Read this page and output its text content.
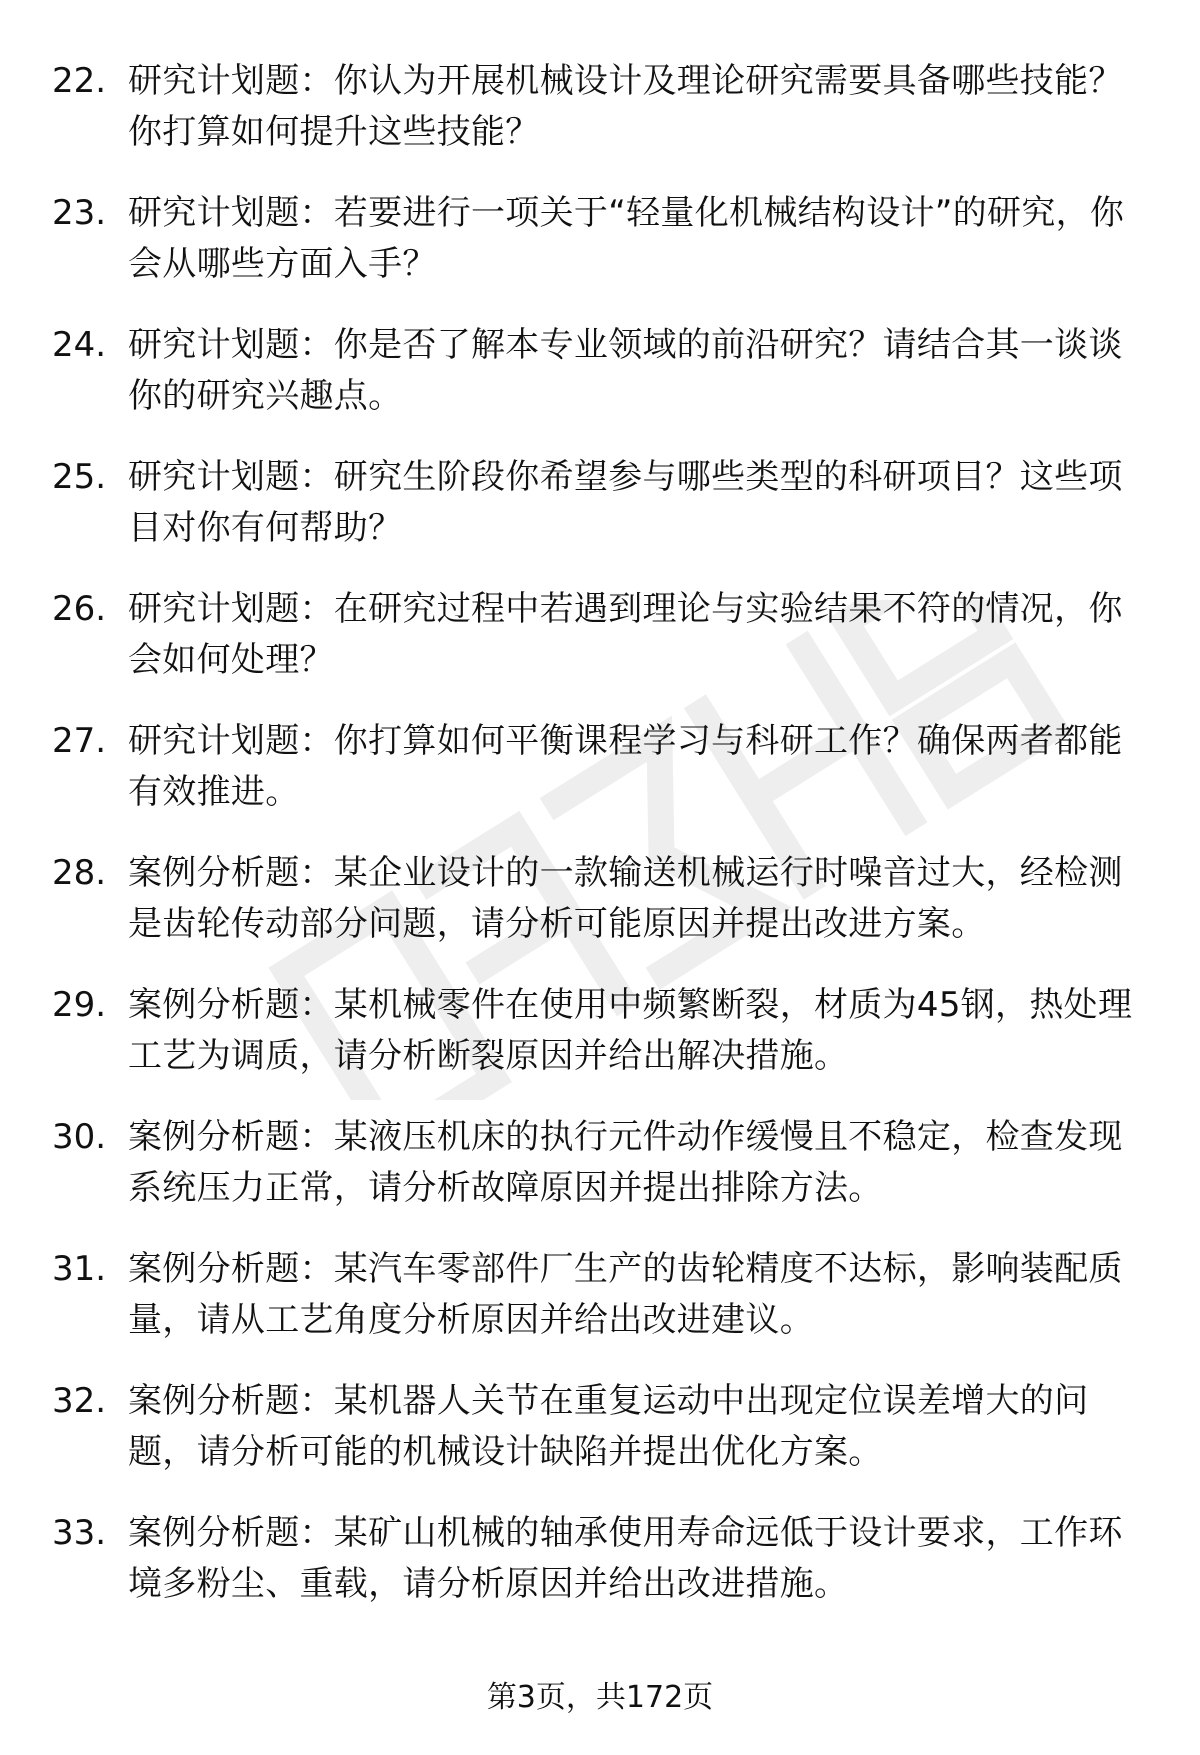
22. 研究计划题：你认为开展机械设计及理论研究需要具备哪些技能？你打算如何提升这些技能？
23. 研究计划题：若要进行一项关于“轻量化机械结构设计”的研究，你会从哪些方面入手？
24. 研究计划题：你是否了解本专业领域的前沿研究？请结合其一谈谈你的研究兴趣点。
25. 研究计划题：研究生阶段你希望参与哪些类型的科研项目？这些项目对你有何帮助？
26. 研究计划题：在研究过程中若遇到理论与实验结果不符的情况，你会如何处理？
27. 研究计划题：你打算如何平衡课程学习与科研工作？确保两者都能有效推进。
28. 案例分析题：某企业设计的一款输送机械运行时噪音过大，经检测是齿轮传动部分问题，请分析可能原因并提出改进方案。
29. 案例分析题：某机械零件在使用中频繁断裂，材质为45钢，热处理工艺为调质，请分析断裂原因并给出解决措施。
30. 案例分析题：某液压机床的执行元件动作缓慢且不稳定，检查发现系统压力正常，请分析故障原因并提出排除方法。
31. 案例分析题：某汽车零部件厂生产的齿轮精度不达标，影响装配质量，请从工艺角度分析原因并给出改进建议。
32. 案例分析题：某机器人关节在重复运动中出现定位误差增大的问题，请分析可能的机械设计缺陷并提出优化方案。
33. 案例分析题：某矿山机械的轴承使用寿命远低于设计要求，工作环境多粉尘、重载，请分析原因并给出改进措施。
第3页，共172页
